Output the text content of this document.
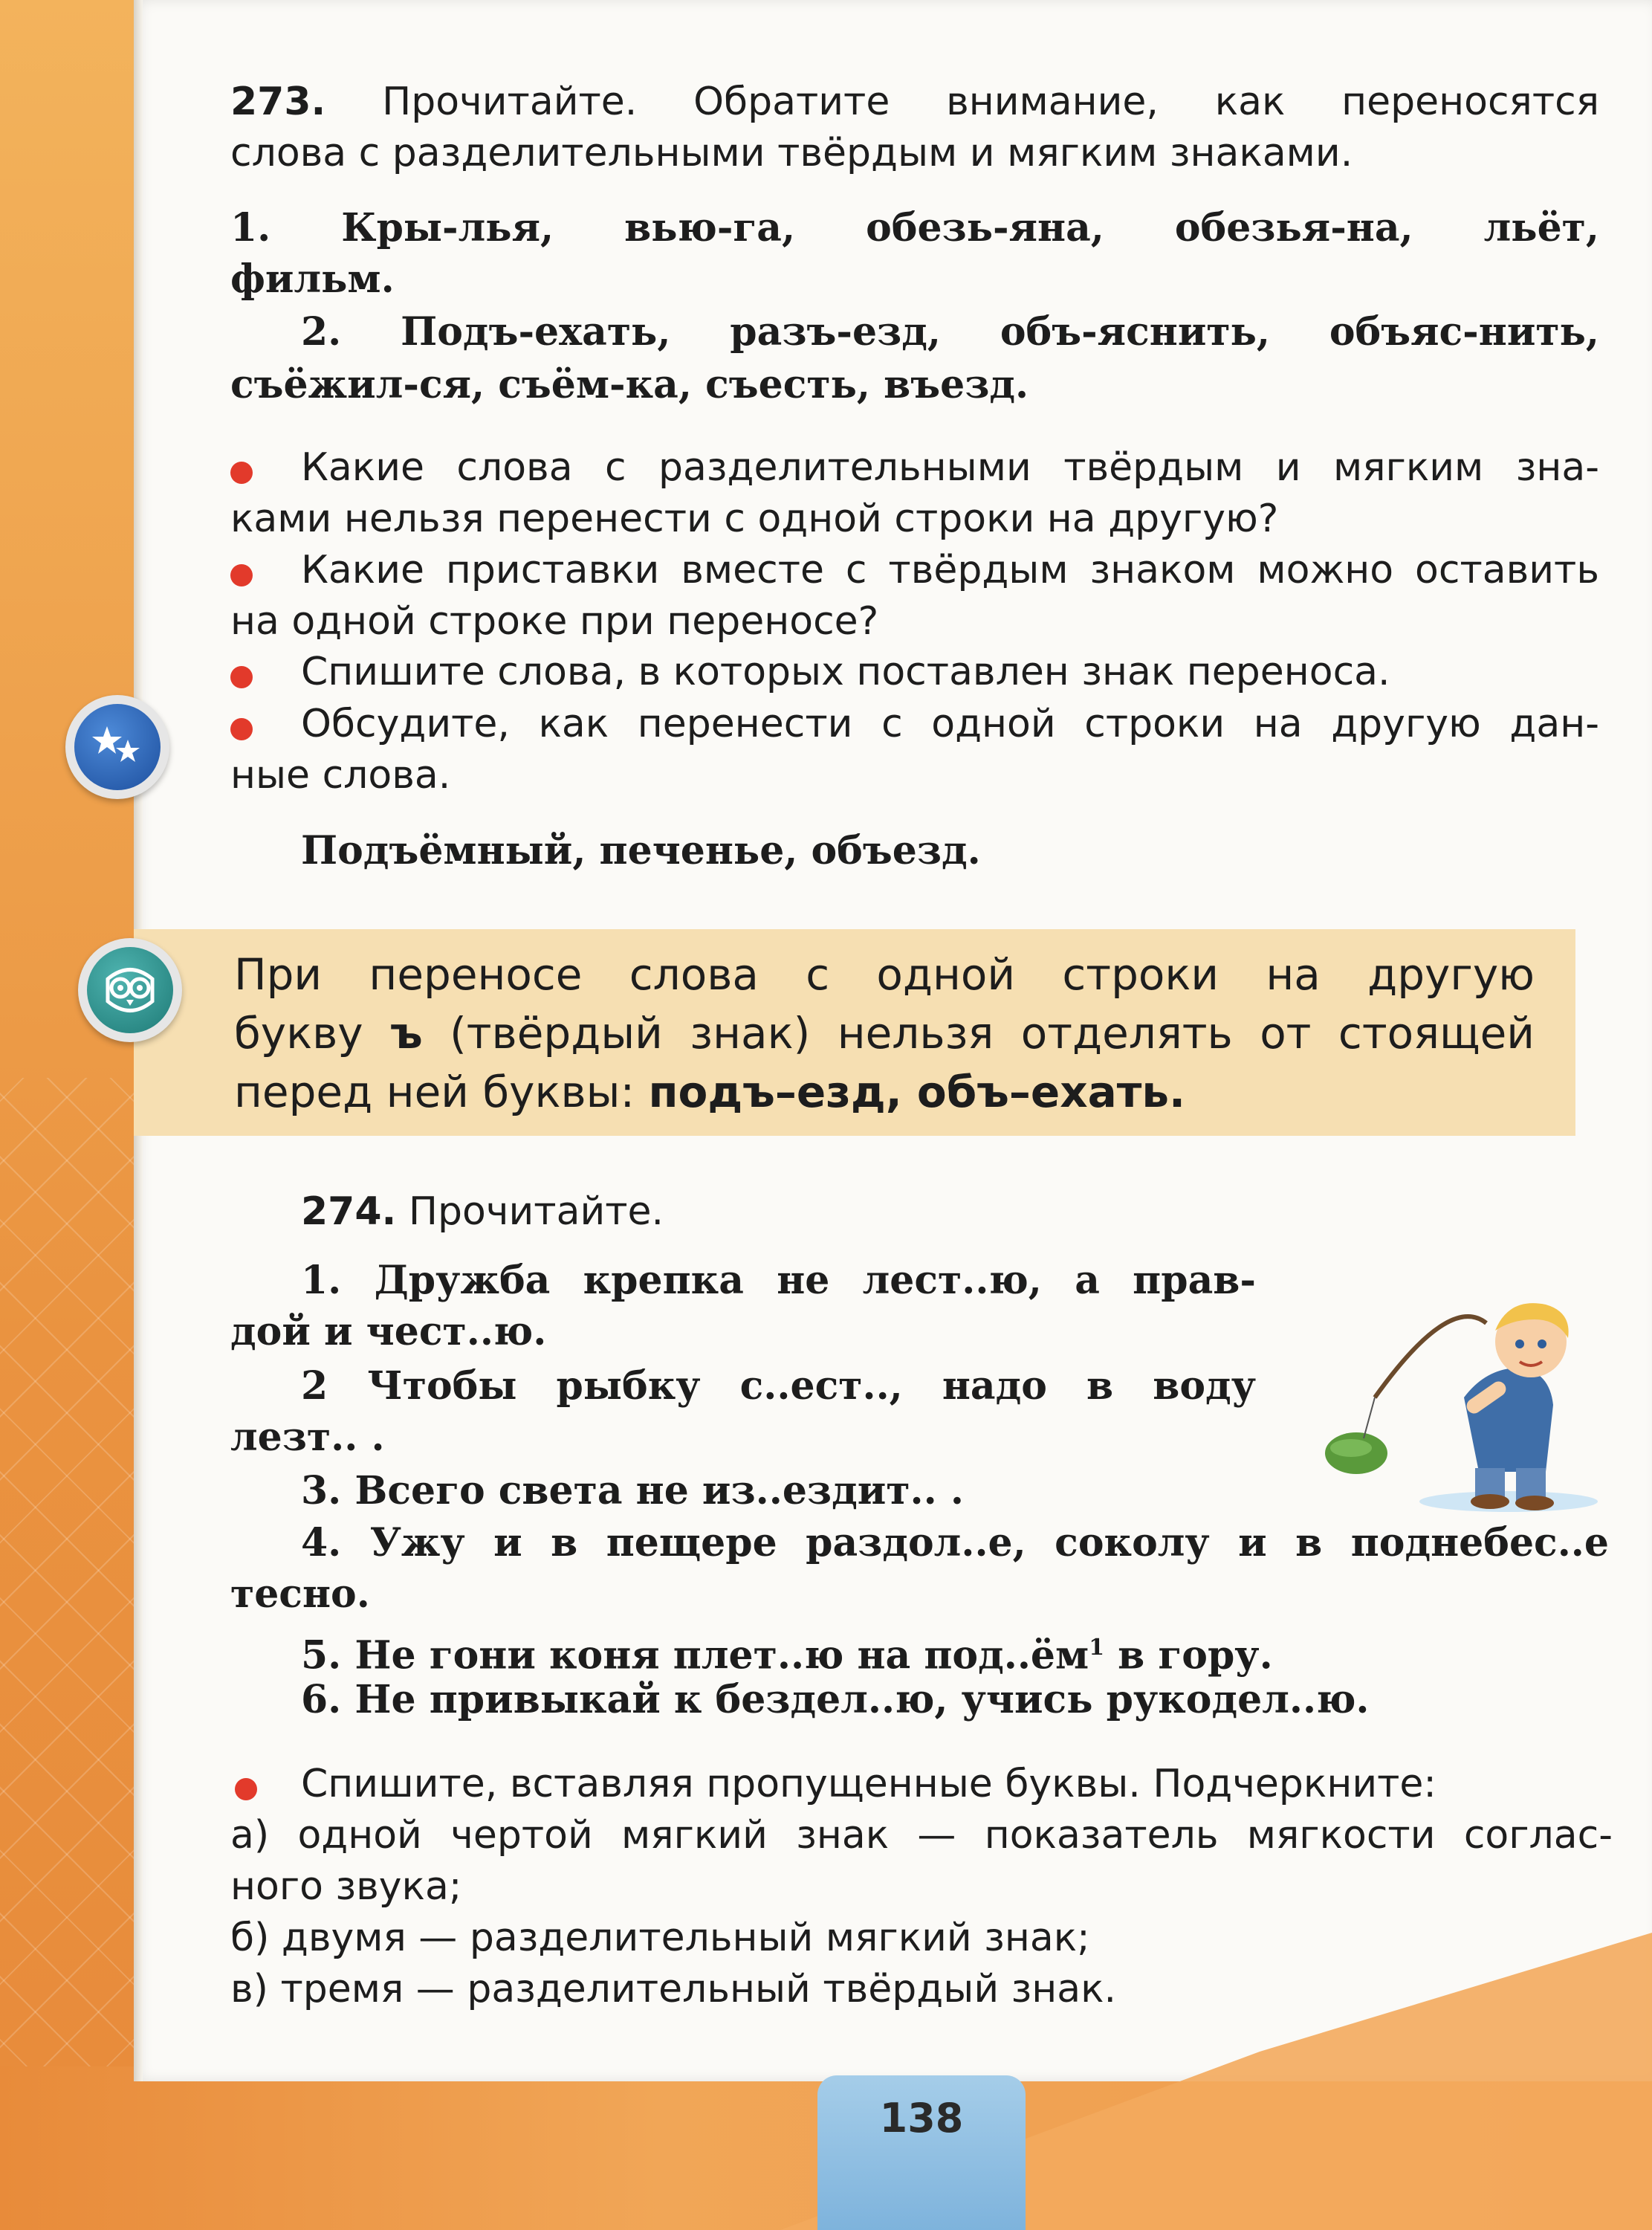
273. Прочитайте. Обратите внимание, как переносятся
слова с разделительными твёрдым и мягким знаками.
1. Кры-лья, вью-га, обезь-яна, обезья-на, льёт,
фильм.
2. Подъ-ехать, разъ-езд, объ-яснить, объяс-нить,
съёжил-ся, съём-ка, съесть, въезд.
Какие слова с разделительными твёрдым и мягким зна-
ками нельзя перенести с одной строки на другую?
Какие приставки вместе с твёрдым знаком можно оставить
на одной строке при переносе?
Спишите слова, в которых поставлен знак переноса.
Обсудите, как перенести с одной строки на другую дан-
ные слова.
Подъёмный, печенье, объезд.
При переносе слова с одной строки на другую
букву ъ (твёрдый знак) нельзя отделять от стоящей
перед ней буквы: подъ–езд, объ–ехать.
274. Прочитайте.
1. Дружба крепка не лест..ю, а прав-
дой и чест..ю.
2 Чтобы рыбку с..ест.., надо в воду
лезт.. .
3. Всего света не из..ездит.. .
4. Ужу и в пещере раздол..е, соколу и в поднебес..е
тесно.
5. Не гони коня плет..ю на $под..ём^1$ в гору.
6. Не привыкай к бездел..ю, учись рукодел..ю.
Спишите, вставляя пропущенные буквы. Подчеркните:
а) одной чертой мягкий знак — показатель мягкости соглас-
ного звука;
б) двумя — разделительный мягкий знак;
в) тремя — разделительный твёрдый знак.
138
